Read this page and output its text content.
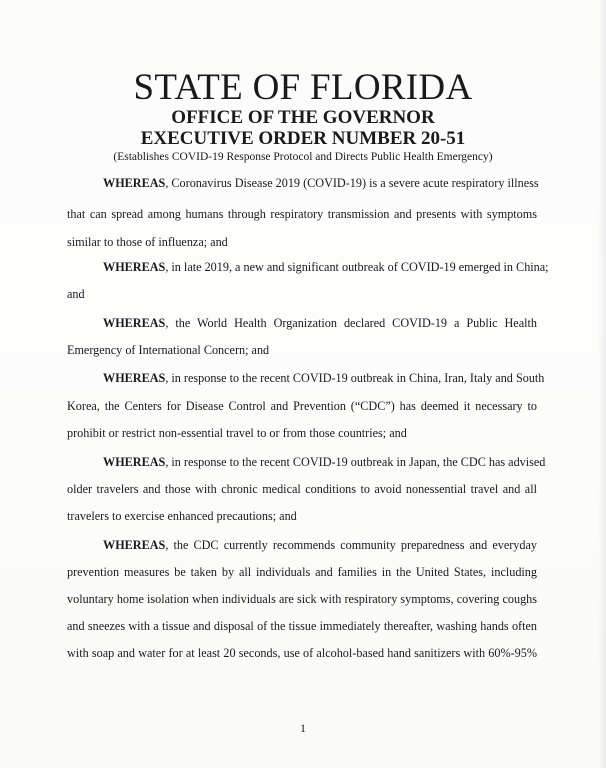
STATE OF FLORIDA
OFFICE OF THE GOVERNOR
EXECUTIVE ORDER NUMBER 20-51
(Establishes COVID-19 Response Protocol and Directs Public Health Emergency)
WHEREAS, Coronavirus Disease 2019 (COVID-19) is a severe acute respiratory illness
that can spread among humans through respiratory transmission and presents with symptoms
similar to those of influenza; and
WHEREAS, in late 2019, a new and significant outbreak of COVID-19 emerged in China;
and
WHEREAS, the World Health Organization declared COVID-19 a Public Health
Emergency of International Concern; and
WHEREAS, in response to the recent COVID-19 outbreak in China, Iran, Italy and South
Korea, the Centers for Disease Control and Prevention (“CDC”) has deemed it necessary to
prohibit or restrict non-essential travel to or from those countries; and
WHEREAS, in response to the recent COVID-19 outbreak in Japan, the CDC has advised
older travelers and those with chronic medical conditions to avoid nonessential travel and all
travelers to exercise enhanced precautions; and
WHEREAS, the CDC currently recommends community preparedness and everyday
prevention measures be taken by all individuals and families in the United States, including
voluntary home isolation when individuals are sick with respiratory symptoms, covering coughs
and sneezes with a tissue and disposal of the tissue immediately thereafter, washing hands often
with soap and water for at least 20 seconds, use of alcohol-based hand sanitizers with 60%-95%
1
